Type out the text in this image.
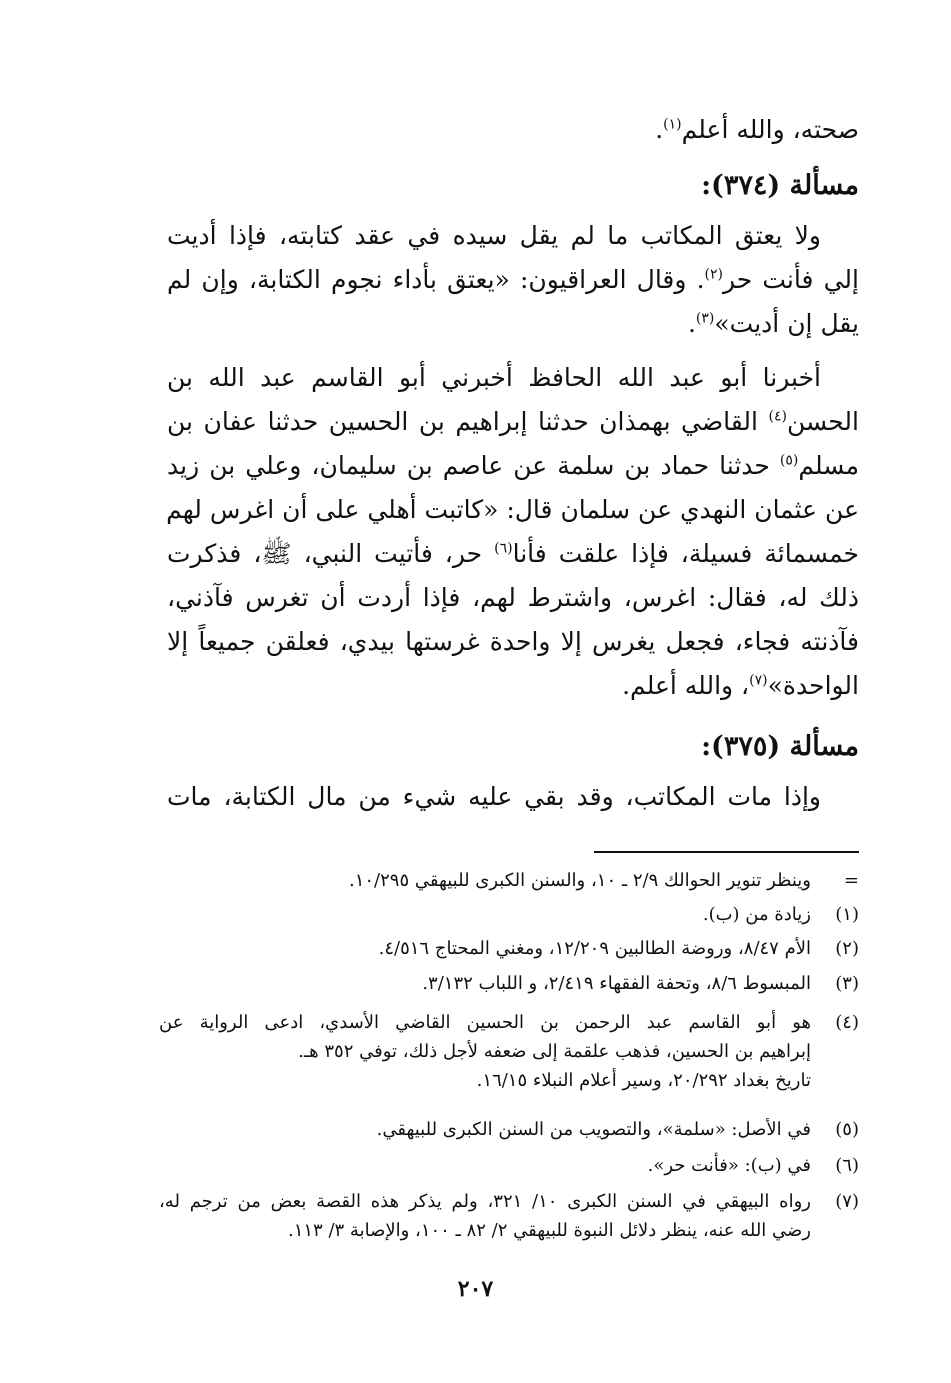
صحته، والله أعلم$^{(١)}$.
مسألة (٣٧٤):
ولا يعتق المكاتب ما لم يقل سيده في عقد كتابته، فإذا أديت
إلي فأنت حر$^{(٢)}$. وقال العراقيون: «يعتق بأداء نجوم الكتابة، وإن لم
يقل إن أديت»$^{(٣)}$.
أخبرنا أبو عبد الله الحافظ أخبرني أبو القاسم عبد الله بن
الحسن$^{(٤)}$ القاضي بهمذان حدثنا إبراهيم بن الحسين حدثنا عفان بن
مسلم$^{(٥)}$ حدثنا حماد بن سلمة عن عاصم بن سليمان، وعلي بن زيد
عن عثمان النهدي عن سلمان قال: «كاتبت أهلي على أن اغرس لهم
خمسمائة فسيلة، فإذا علقت فأنا$^{(٦)}$ حر، فأتيت النبي، ﷺ، فذكرت
ذلك له، فقال: اغرس، واشترط لهم، فإذا أردت أن تغرس فآذني،
فآذنته فجاء، فجعل يغرس إلا واحدة غرستها بيدي، فعلقن جميعاً إلا
الواحدة»$^{(٧)}$، والله أعلم.
مسألة (٣٧٥):
وإذا مات المكاتب، وقد بقي عليه شيء من مال الكتابة، مات
=
وينظر تنوير الحوالك ٢/٩ ـ ١٠، والسنن الكبرى للبيهقي ١٠/٢٩٥.
(١)
زيادة من (ب).
(٢)
الأم ٨/٤٧، وروضة الطالبين ١٢/٢٠٩، ومغني المحتاج ٤/٥١٦.
(٣)
المبسوط ٨/٦، وتحفة الفقهاء ٢/٤١٩، و اللباب ٣/١٣٢.
(٤)
هو أبو القاسم عبد الرحمن بن الحسين القاضي الأسدي، ادعى الرواية عن
إبراهيم بن الحسين، فذهب علقمة إلى ضعفه لأجل ذلك، توفي ٣٥٢ هـ.
تاريخ بغداد ٢٠/٢٩٢، وسير أعلام النبلاء ١٦/١٥.
(٥)
في الأصل: «سلمة»، والتصويب من السنن الكبرى للبيهقي.
(٦)
في (ب): «فأنت حر».
(٧)
رواه البيهقي في السنن الكبرى ١٠/ ٣٢١، ولم يذكر هذه القصة بعض من ترجم له،
رضي الله عنه، ينظر دلائل النبوة للبيهقي ٢/ ٨٢ ـ ١٠٠، والإصابة ٣/ ١١٣.
٢٠٧
